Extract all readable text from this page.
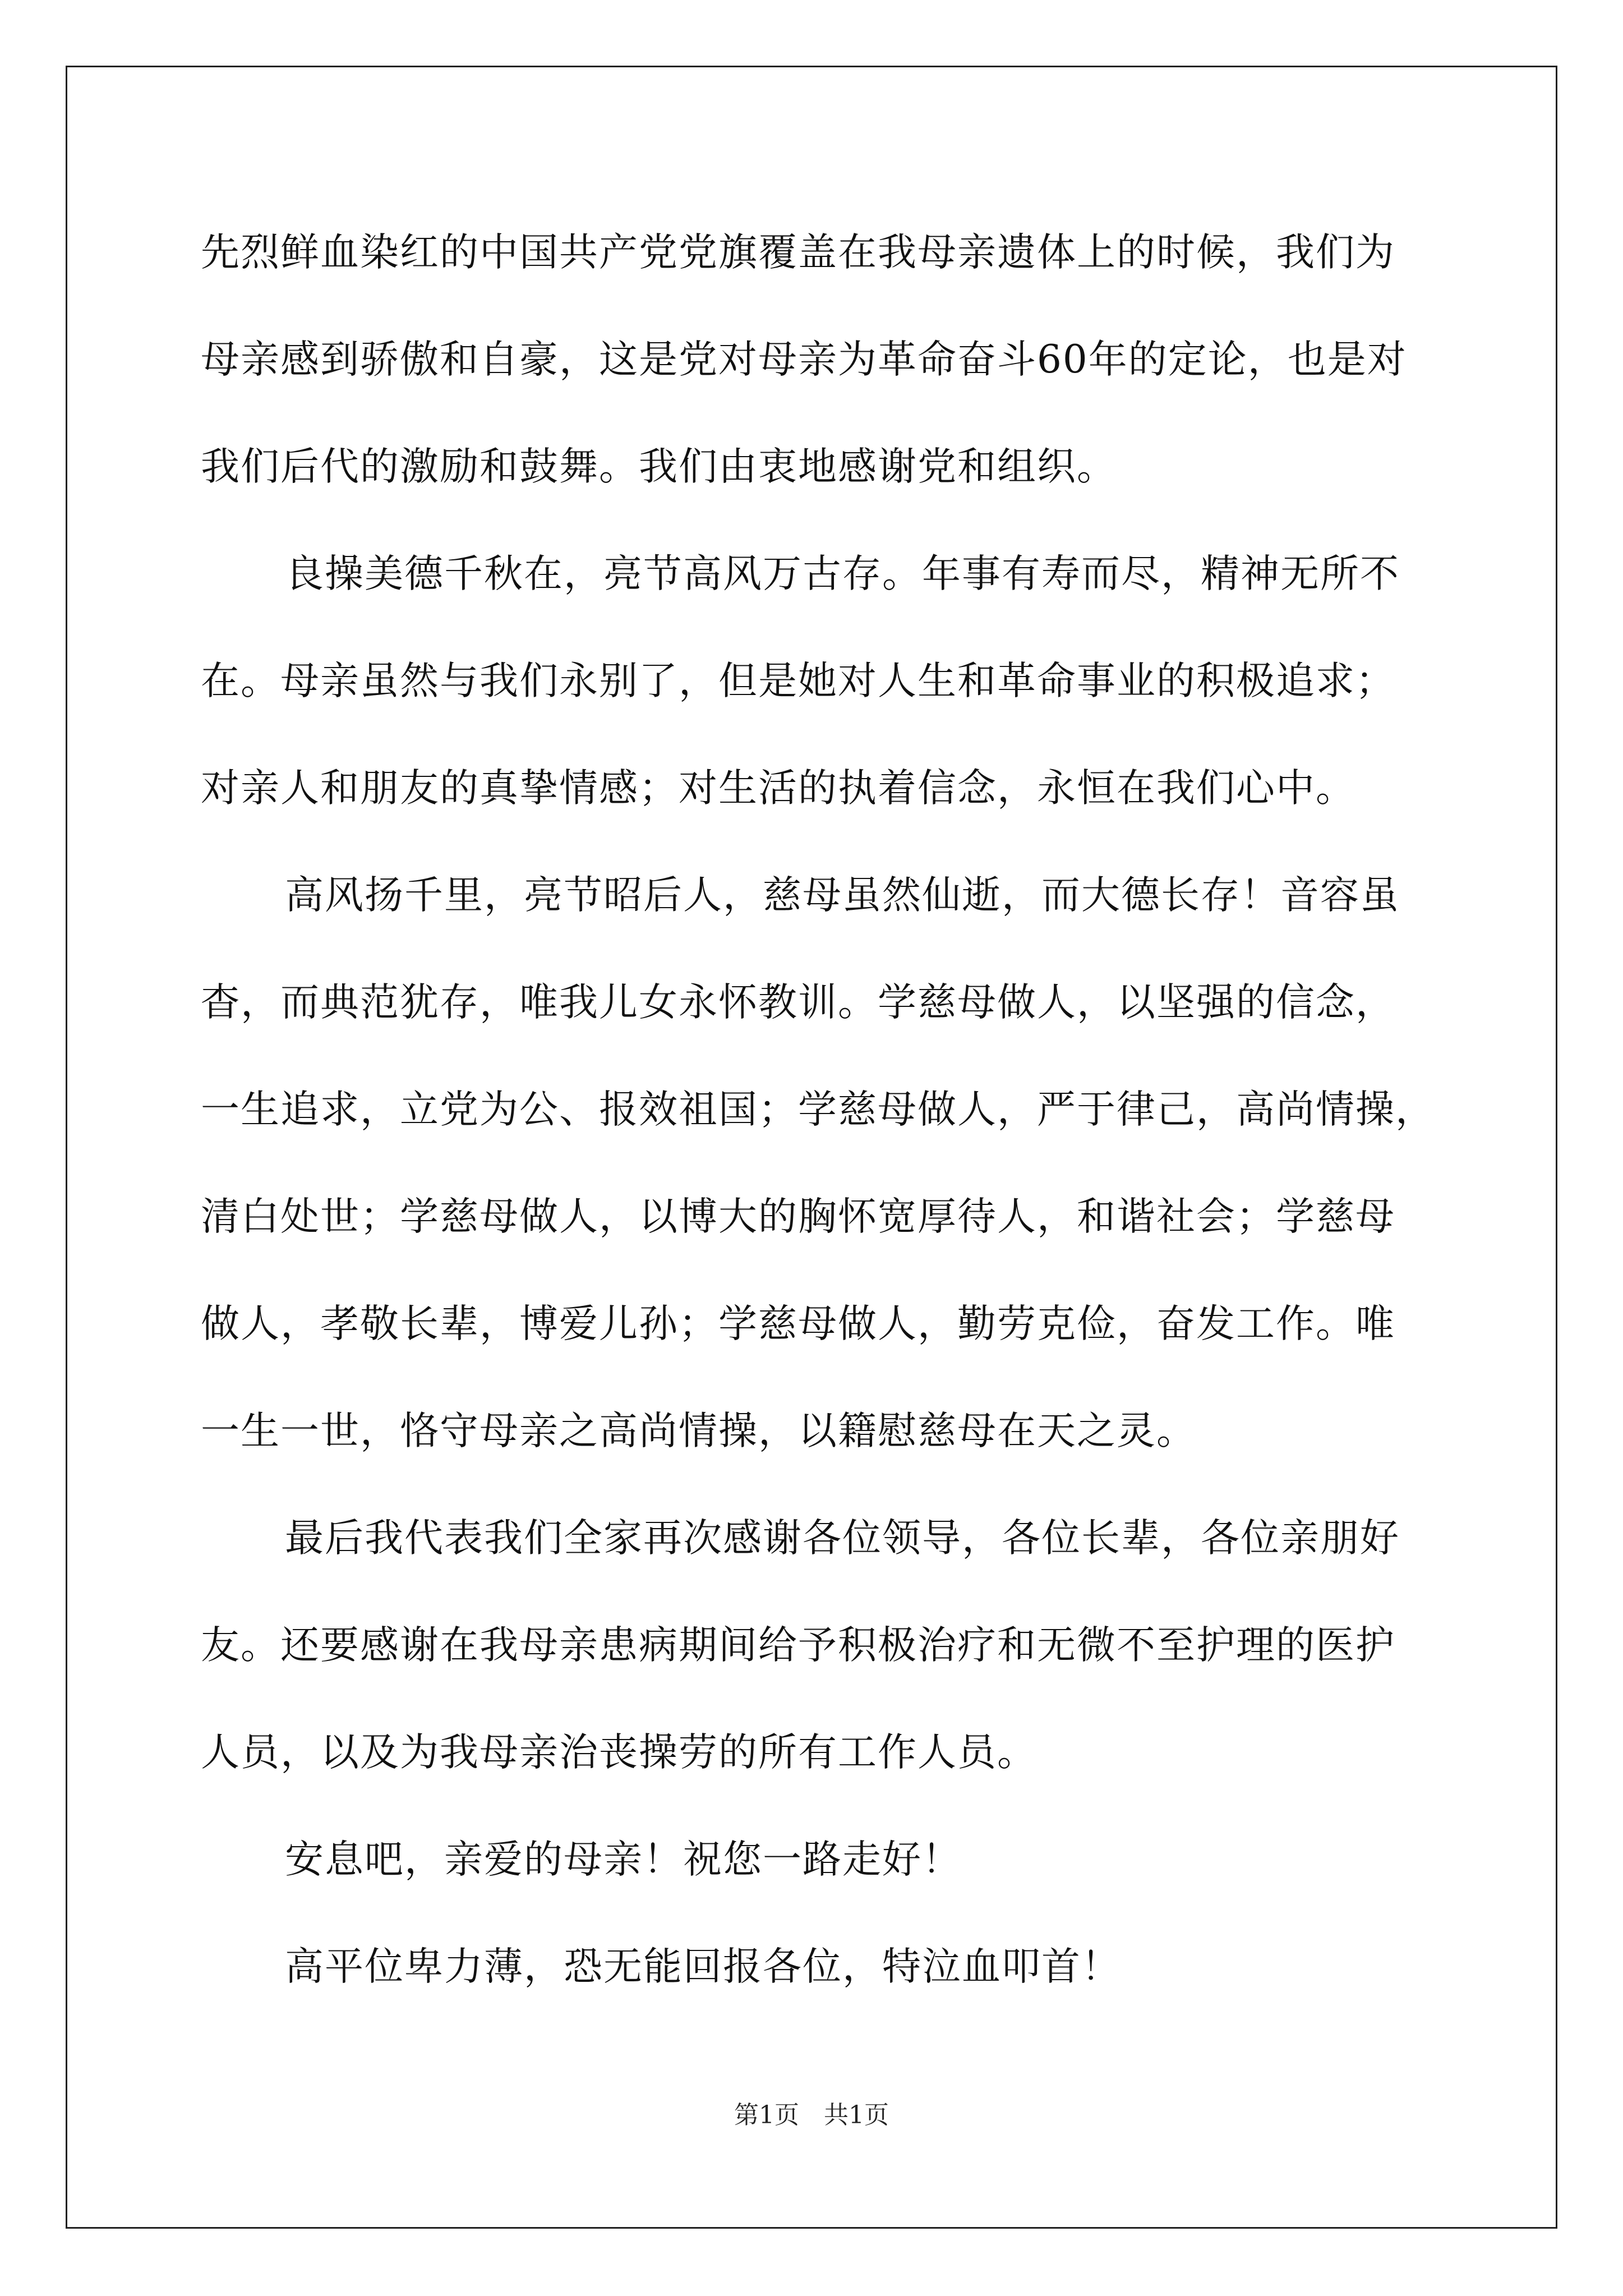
先烈鲜血染红的中国共产党党旗覆盖在我母亲遗体上的时候，我们为
母亲感到骄傲和自豪，这是党对母亲为革命奋斗60年的定论，也是对
我们后代的激励和鼓舞。我们由衷地感谢党和组织。
良操美德千秋在，亮节高风万古存。年事有寿而尽，精神无所不
在。母亲虽然与我们永别了，但是她对人生和革命事业的积极追求；
对亲人和朋友的真挚情感；对生活的执着信念，永恒在我们心中。
高风扬千里，亮节昭后人，慈母虽然仙逝，而大德长存！音容虽
杳，而典范犹存，唯我儿女永怀教训。学慈母做人，以坚强的信念，
一生追求，立党为公、报效祖国；学慈母做人，严于律己，高尚情操，
清白处世；学慈母做人，以博大的胸怀宽厚待人，和谐社会；学慈母
做人，孝敬长辈，博爱儿孙；学慈母做人，勤劳克俭，奋发工作。唯
一生一世，恪守母亲之高尚情操，以籍慰慈母在天之灵。
最后我代表我们全家再次感谢各位领导，各位长辈，各位亲朋好
友。还要感谢在我母亲患病期间给予积极治疗和无微不至护理的医护
人员，以及为我母亲治丧操劳的所有工作人员。
安息吧，亲爱的母亲！祝您一路走好！
高平位卑力薄，恐无能回报各位，特泣血叩首！
第1页　共1页
